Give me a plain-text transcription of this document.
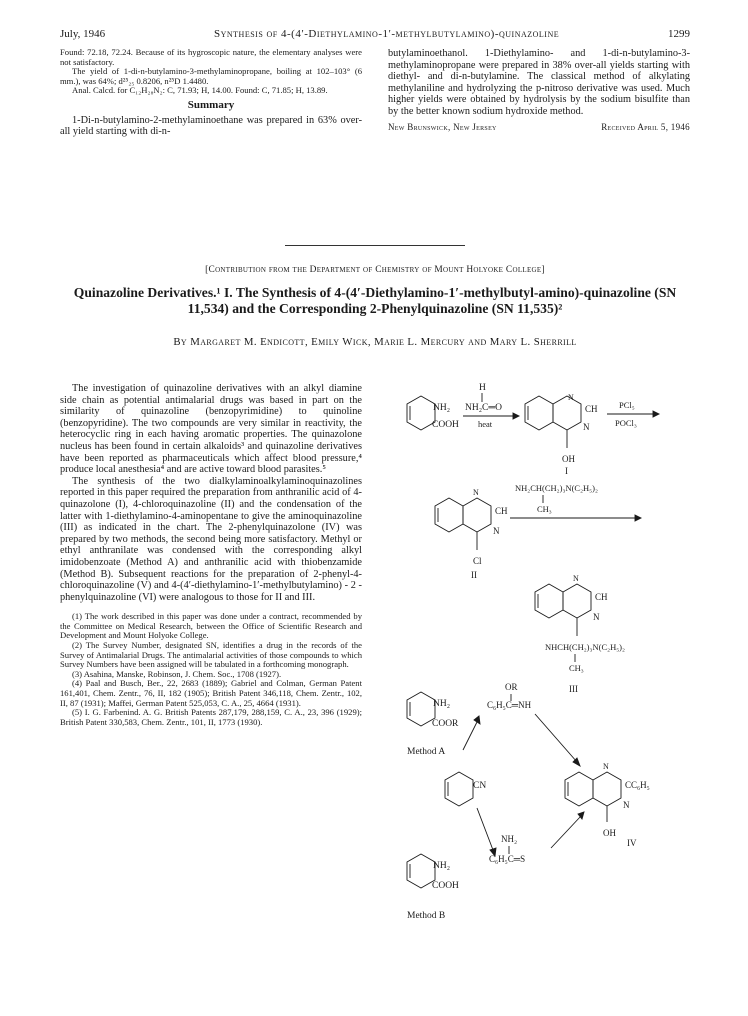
July, 1946	Synthesis of 4-(4′-Diethylamino-1′-methylbutylamino)-quinazoline	1299

Found: 72.18, 72.24. Because of its hygroscopic nature, the elementary analyses were not satisfactory.

The yield of 1-di-n-butylamino-3-methylaminopropane, boiling at 102–103° (6 mm.), was 64%; d²⁵₂₅ 0.8206, n²⁵D 1.4480.

Anal. Calcd. for C₁₂H₂₈N₂: C, 71.93; H, 14.00. Found: C, 71.85; H, 13.89.

Summary

1-Di-n-butylamino-2-methylaminoethane was prepared in 63% over-all yield starting with di-n-

butylaminoethanol. 1-Diethylamino- and 1-di-n-butylamino-3-methylaminopropane were prepared in 38% over-all yields starting with diethyl- and di-n-butylamine. The classical method of alkylating methylaniline and hydrolyzing the p-nitroso derivative was used. Much higher yields were obtained by hydrolysis by the sodium bisulfite than by the better known sodium hydroxide method.

New Brunswick, New Jersey	Received April 5, 1946
[Contribution from the Department of Chemistry of Mount Holyoke College]
Quinazoline Derivatives.¹ I. The Synthesis of 4-(4′-Diethylamino-1′-methylbutyl-amino)-quinazoline (SN 11,534) and the Corresponding 2-Phenylquinazoline (SN 11,535)²
By Margaret M. Endicott, Emily Wick, Marie L. Mercury and Mary L. Sherrill

The investigation of quinazoline derivatives with an alkyl diamine side chain as potential antimalarial drugs was based in part on the similarity of quinazoline (benzopyrimidine) to quinoline (benzopyridine). The two compounds are very similar in reactivity, the heterocyclic ring in each having aromatic properties. The quinazolone nucleus has been found in certain alkaloids³ and quinazoline derivatives have been reported as pharmaceuticals which affect blood pressure,⁴ produce local anesthesia⁴ and are active toward blood parasites.⁵

The synthesis of the two dialkylaminoalkylaminoquinazolines reported in this paper required the preparation from anthranilic acid of 4-quinazolone (I), 4-chloroquinazoline (II) and the condensation of the latter with 1-diethylamino-4-aminopentane to give the aminoquinazoline (III) as indicated in the chart. The 2-phenylquinazolone (IV) was prepared by two methods, the second being more satisfactory. Methyl or ethyl anthranilate was condensed with the corresponding alkyl imidobenzoate (Method A) and anthranilic acid with thiobenzamide (Method B). Subsequent reactions for the preparation of 2-phenyl-4-chloroquinazoline (V) and 4-(4′-diethylamino-1′-methylbutylamino) - 2 - phenylquinazoline (VI) were analogous to those for II and III.

(1) The work described in this paper was done under a contract, recommended by the Committee on Medical Research, between the Office of Scientific Research and Development and Mount Holyoke College.

(2) The Survey Number, designated SN, identifies a drug in the records of the Survey of Antimalarial Drugs. The antimalarial activities of those compounds to which Survey Numbers have been assigned will be tabulated in a forthcoming monograph.

(3) Asahina, Manske, Robinson, J. Chem. Soc., 1708 (1927).

(4) Paal and Busch, Ber., 22, 2683 (1889); Gabriel and Colman, German Patent 161,401, Chem. Zentr., 76, II, 182 (1905); British Patent 346,118, Chem. Zentr., 102, II, 87 (1931); Maffei, German Patent 525,053, C. A., 25, 4664 (1931).

(5) I. G. Farbenind. A. G. British Patents 287,179, 288,159, C. A., 23, 396 (1929); British Patent 330,583, Chem. Zentr., 101, II, 1773 (1930).

NH₂
COOH
H
NH₂C═O
heat
N
CH
N
OH
I
PCl₅
POCl₃
NH₂CH(CH₂)₃N(C₂H₅)₂
CH₃
N
CH
N
Cl
II	N
CH
N
NHCH(CH₂)₃N(C₂H₅)₂
CH₃
III
OR
C₆H₅C═NH
NH₂
COOR
Method A
CN
N
CC₆H₅
N
OH
IV
NH₂
C₆H₅C═S
NH₂
COOH
Method B
